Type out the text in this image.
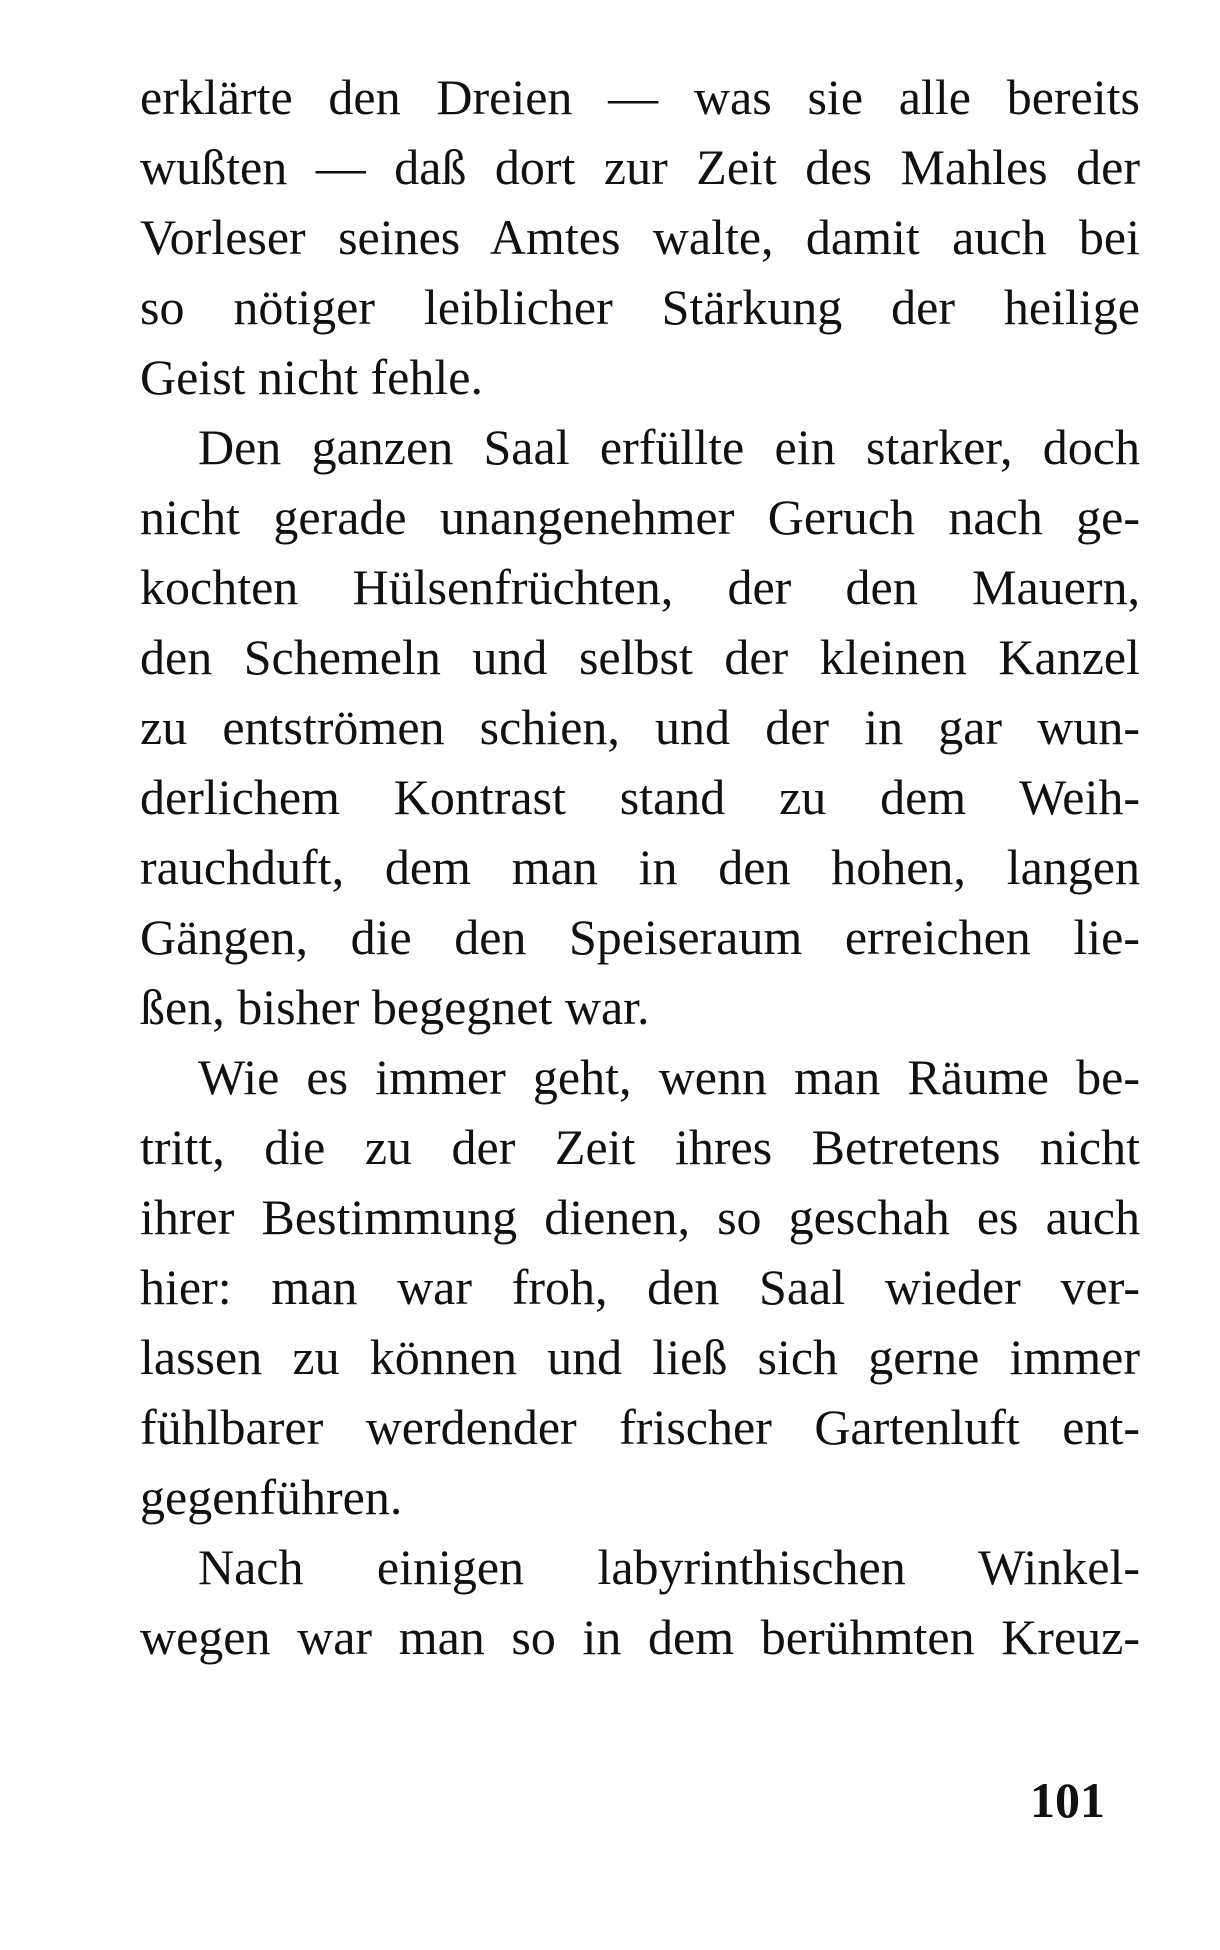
erklärte den Dreien — was sie alle bereits
wußten — daß dort zur Zeit des Mahles der
Vorleser seines Amtes walte, damit auch bei
so nötiger leiblicher Stärkung der heilige
Geist nicht fehle.
Den ganzen Saal erfüllte ein starker, doch
nicht gerade unangenehmer Geruch nach ge-
kochten Hülsenfrüchten, der den Mauern,
den Schemeln und selbst der kleinen Kanzel
zu entströmen schien, und der in gar wun-
derlichem Kontrast stand zu dem Weih-
rauchduft, dem man in den hohen, langen
Gängen, die den Speiseraum erreichen lie-
ßen, bisher begegnet war.
Wie es immer geht, wenn man Räume be-
tritt, die zu der Zeit ihres Betretens nicht
ihrer Bestimmung dienen, so geschah es auch
hier: man war froh, den Saal wieder ver-
lassen zu können und ließ sich gerne immer
fühlbarer werdender frischer Gartenluft ent-
gegenführen.
Nach einigen labyrinthischen Winkel-
wegen war man so in dem berühmten Kreuz-
101
